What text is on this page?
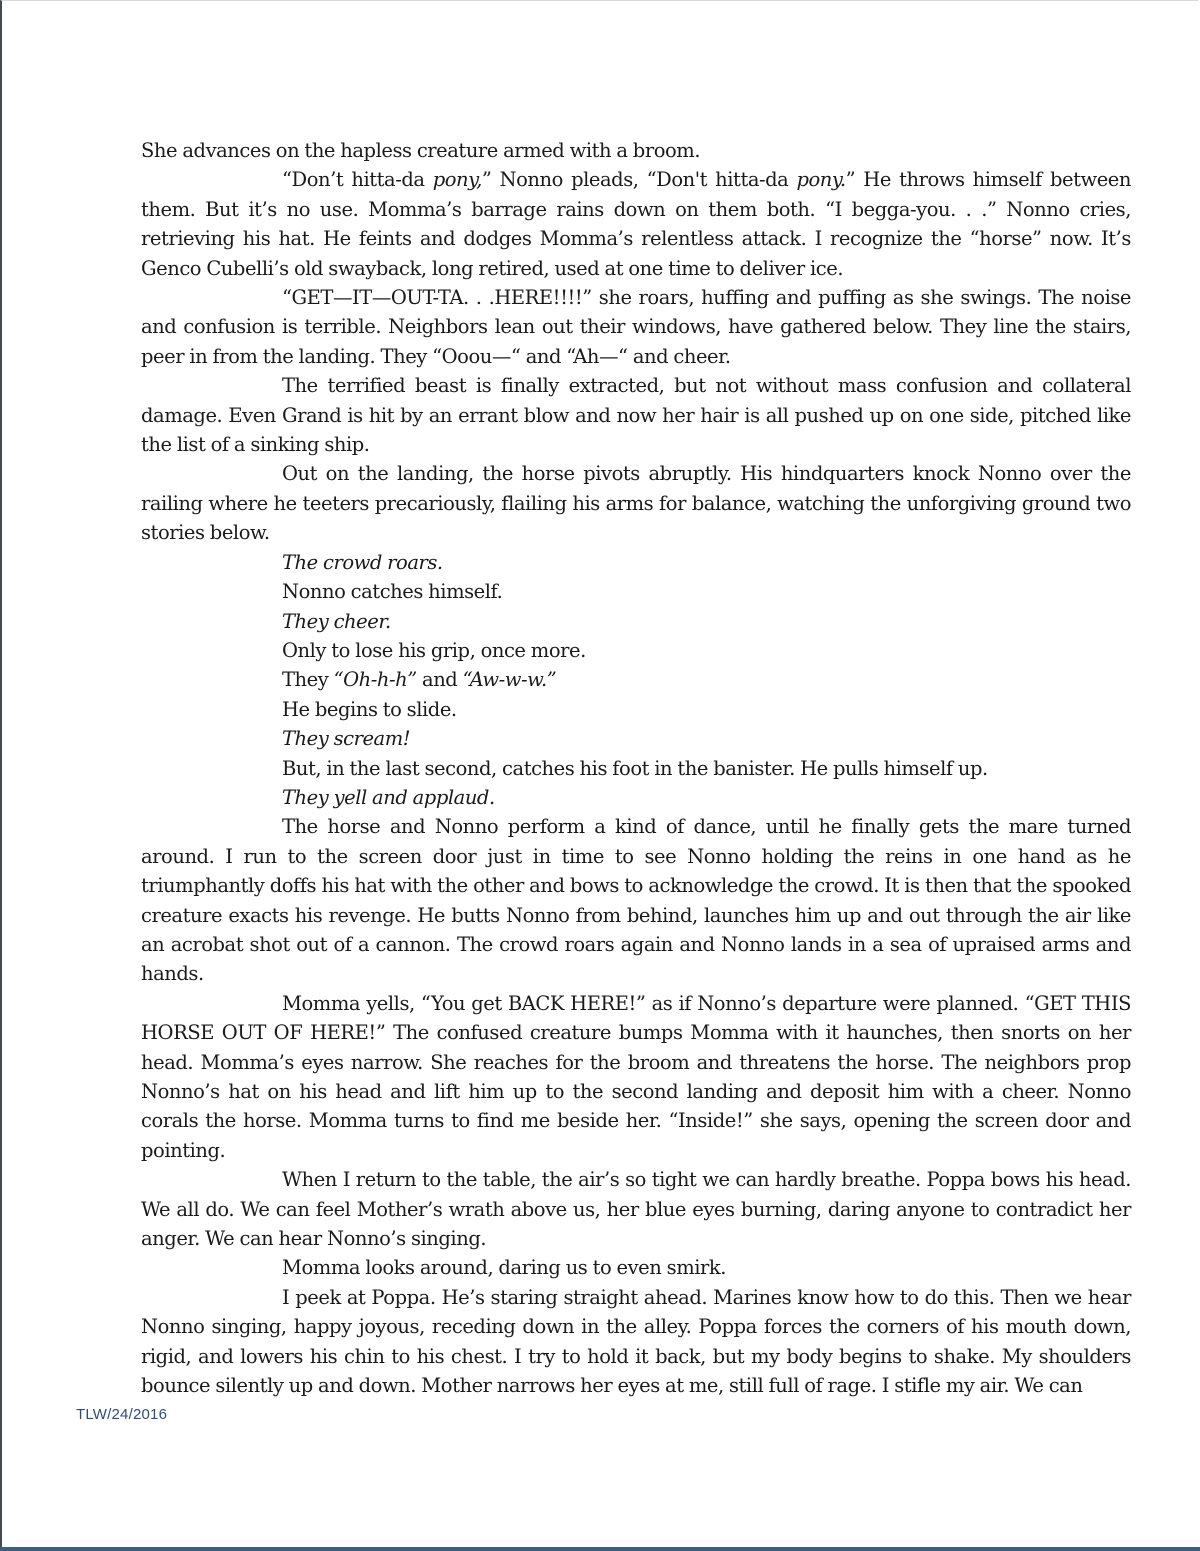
She advances on the hapless creature armed with a broom.

“Don’t hitta-da pony,” Nonno pleads, “Don't hitta-da pony.” He throws himself between them. But it’s no use. Momma’s barrage rains down on them both. “I begga-you. . .” Nonno cries, retrieving his hat. He feints and dodges Momma’s relentless attack. I recognize the “horse” now. It’s Genco Cubelli’s old swayback, long retired, used at one time to deliver ice.

“GET—IT—OUT-TA. . .HERE!!!!” she roars, huffing and puffing as she swings. The noise and confusion is terrible. Neighbors lean out their windows, have gathered below. They line the stairs, peer in from the landing. They “Ooou—“ and “Ah—“ and cheer.

The terrified beast is finally extracted, but not without mass confusion and collateral damage. Even Grand is hit by an errant blow and now her hair is all pushed up on one side, pitched like the list of a sinking ship.

Out on the landing, the horse pivots abruptly. His hindquarters knock Nonno over the railing where he teeters precariously, flailing his arms for balance, watching the unforgiving ground two stories below.

The crowd roars.

Nonno catches himself.

They cheer.

Only to lose his grip, once more.

They “Oh-h-h” and “Aw-w-w.”

He begins to slide.

They scream!

But, in the last second, catches his foot in the banister. He pulls himself up.

They yell and applaud.

The horse and Nonno perform a kind of dance, until he finally gets the mare turned around. I run to the screen door just in time to see Nonno holding the reins in one hand as he triumphantly doffs his hat with the other and bows to acknowledge the crowd. It is then that the spooked creature exacts his revenge. He butts Nonno from behind, launches him up and out through the air like an acrobat shot out of a cannon. The crowd roars again and Nonno lands in a sea of upraised arms and hands.

Momma yells, “You get BACK HERE!” as if Nonno’s departure were planned. “GET THIS HORSE OUT OF HERE!” The confused creature bumps Momma with it haunches, then snorts on her head. Momma’s eyes narrow. She reaches for the broom and threatens the horse. The neighbors prop Nonno’s hat on his head and lift him up to the second landing and deposit him with a cheer. Nonno corals the horse. Momma turns to find me beside her. “Inside!” she says, opening the screen door and pointing.

When I return to the table, the air’s so tight we can hardly breathe. Poppa bows his head. We all do. We can feel Mother’s wrath above us, her blue eyes burning, daring anyone to contradict her anger. We can hear Nonno’s singing.

Momma looks around, daring us to even smirk.

I peek at Poppa. He’s staring straight ahead. Marines know how to do this. Then we hear Nonno singing, happy joyous, receding down in the alley. Poppa forces the corners of his mouth down, rigid, and lowers his chin to his chest. I try to hold it back, but my body begins to shake. My shoulders bounce silently up and down. Mother narrows her eyes at me, still full of rage. I stifle my air. We can

TLW/24/2016
